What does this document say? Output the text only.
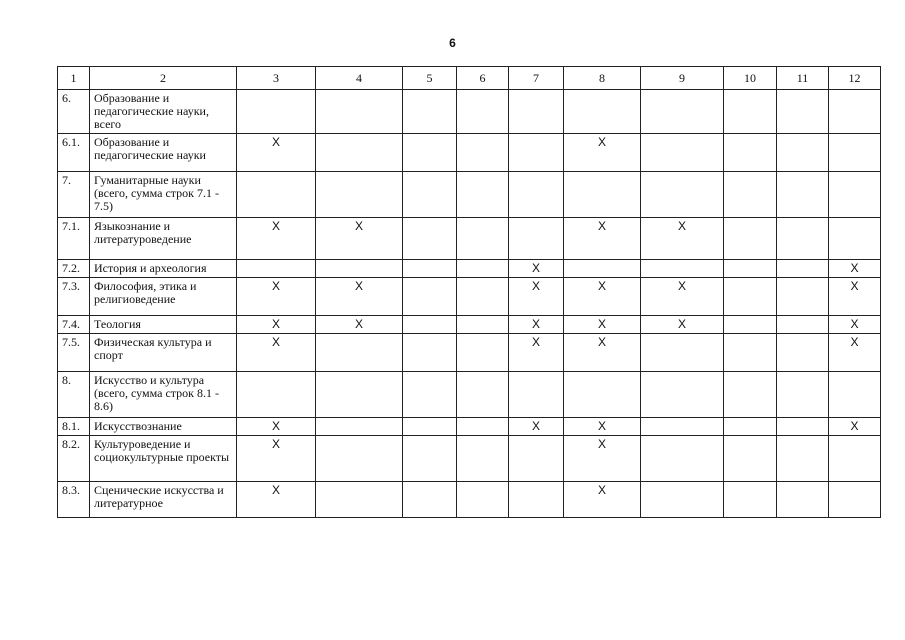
6
1	2	3	4	5	6	7	8	9	10	11	12
6.	Образование и педагогические науки, всего										
6.1.	Образование и педагогические науки	X					X				
7.	Гуманитарные науки (всего, сумма строк 7.1 - 7.5)										
7.1.	Языкознание и литературоведение	X	X				X	X			
7.2.	История и археология					X					X
7.3.	Философия, этика и религиоведение	X	X			X	X	X			X
7.4.	Теология	X	X			X	X	X			X
7.5.	Физическая культура и спорт	X				X	X				X
8.	Искусство и культура (всего, сумма строк 8.1 - 8.6)										
8.1.	Искусствознание	X				X	X				X
8.2.	Культуроведение и социокультурные проекты	X					X				
8.3.	Сценические искусства и литературное	X					X				
